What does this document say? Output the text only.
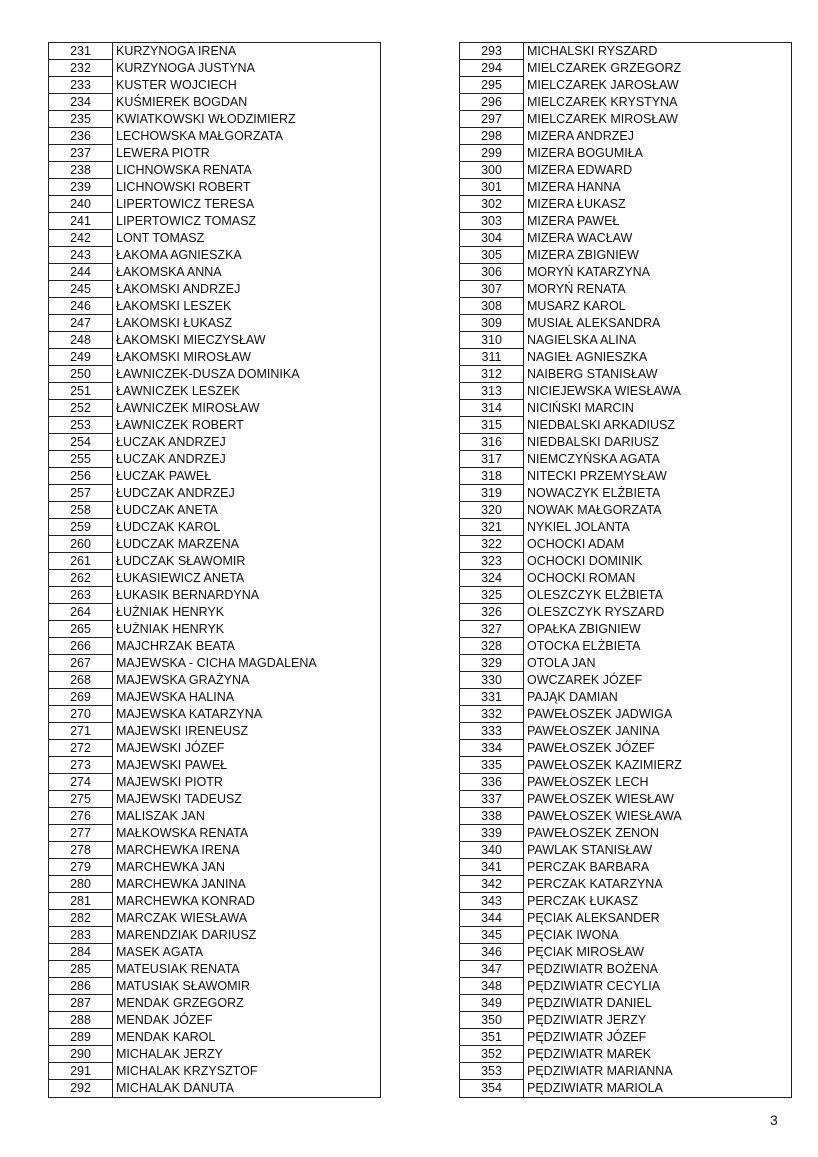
231	KURZYNOGA IRENA
232	KURZYNOGA JUSTYNA
233	KUSTER WOJCIECH
234	KUŚMIEREK BOGDAN
235	KWIATKOWSKI WŁODZIMIERZ
236	LECHOWSKA MAŁGORZATA
237	LEWERA PIOTR
238	LICHNOWSKA RENATA
239	LICHNOWSKI ROBERT
240	LIPERTOWICZ TERESA
241	LIPERTOWICZ TOMASZ
242	LONT TOMASZ
243	ŁAKOMA AGNIESZKA
244	ŁAKOMSKA ANNA
245	ŁAKOMSKI ANDRZEJ
246	ŁAKOMSKI LESZEK
247	ŁAKOMSKI ŁUKASZ
248	ŁAKOMSKI MIECZYSŁAW
249	ŁAKOMSKI MIROSŁAW
250	ŁAWNICZEK-DUSZA DOMINIKA
251	ŁAWNICZEK LESZEK
252	ŁAWNICZEK MIROSŁAW
253	ŁAWNICZEK ROBERT
254	ŁUCZAK ANDRZEJ
255	ŁUCZAK ANDRZEJ
256	ŁUCZAK PAWEŁ
257	ŁUDCZAK ANDRZEJ
258	ŁUDCZAK ANETA
259	ŁUDCZAK KAROL
260	ŁUDCZAK MARZENA
261	ŁUDCZAK SŁAWOMIR
262	ŁUKASIEWICZ ANETA
263	ŁUKASIK BERNARDYNA
264	ŁUŻNIAK HENRYK
265	ŁUŻNIAK HENRYK
266	MAJCHRZAK BEATA
267	MAJEWSKA - CICHA MAGDALENA
268	MAJEWSKA GRAŻYNA
269	MAJEWSKA HALINA
270	MAJEWSKA KATARZYNA
271	MAJEWSKI IRENEUSZ
272	MAJEWSKI JÓZEF
273	MAJEWSKI PAWEŁ
274	MAJEWSKI PIOTR
275	MAJEWSKI TADEUSZ
276	MALISZAK JAN
277	MAŁKOWSKA RENATA
278	MARCHEWKA IRENA
279	MARCHEWKA JAN
280	MARCHEWKA JANINA
281	MARCHEWKA KONRAD
282	MARCZAK WIESŁAWA
283	MARENDZIAK DARIUSZ
284	MASEK AGATA
285	MATEUSIAK RENATA
286	MATUSIAK SŁAWOMIR
287	MENDAK GRZEGORZ
288	MENDAK JÓZEF
289	MENDAK KAROL
290	MICHALAK JERZY
291	MICHALAK KRZYSZTOF
292	MICHALAK DANUTA
293	MICHALSKI RYSZARD
294	MIELCZAREK GRZEGORZ
295	MIELCZAREK JAROSŁAW
296	MIELCZAREK KRYSTYNA
297	MIELCZAREK MIROSŁAW
298	MIZERA ANDRZEJ
299	MIZERA BOGUMIŁA
300	MIZERA EDWARD
301	MIZERA HANNA
302	MIZERA ŁUKASZ
303	MIZERA PAWEŁ
304	MIZERA WACŁAW
305	MIZERA ZBIGNIEW
306	MORYŃ KATARZYNA
307	MORYŃ RENATA
308	MUSARZ KAROL
309	MUSIAŁ ALEKSANDRA
310	NAGIELSKA ALINA
311	NAGIEŁ AGNIESZKA
312	NAIBERG STANISŁAW
313	NICIEJEWSKA WIESŁAWA
314	NICIŃSKI MARCIN
315	NIEDBALSKI ARKADIUSZ
316	NIEDBALSKI DARIUSZ
317	NIEMCZYŃSKA AGATA
318	NITECKI PRZEMYSŁAW
319	NOWACZYK ELŻBIETA
320	NOWAK MAŁGORZATA
321	NYKIEL JOLANTA
322	OCHOCKI ADAM
323	OCHOCKI DOMINIK
324	OCHOCKI ROMAN
325	OLESZCZYK ELŻBIETA
326	OLESZCZYK RYSZARD
327	OPAŁKA ZBIGNIEW
328	OTOCKA ELŻBIETA
329	OTOLA JAN
330	OWCZAREK JÓZEF
331	PAJĄK DAMIAN
332	PAWEŁOSZEK JADWIGA
333	PAWEŁOSZEK JANINA
334	PAWEŁOSZEK JÓZEF
335	PAWEŁOSZEK KAZIMIERZ
336	PAWEŁOSZEK LECH
337	PAWEŁOSZEK WIESŁAW
338	PAWEŁOSZEK WIESŁAWA
339	PAWEŁOSZEK ZENON
340	PAWLAK STANISŁAW
341	PERCZAK BARBARA
342	PERCZAK KATARZYNA
343	PERCZAK ŁUKASZ
344	PĘCIAK ALEKSANDER
345	PĘCIAK IWONA
346	PĘCIAK MIROSŁAW
347	PĘDZIWIATR BOŻENA
348	PĘDZIWIATR CECYLIA
349	PĘDZIWIATR DANIEL
350	PĘDZIWIATR JERZY
351	PĘDZIWIATR JÓZEF
352	PĘDZIWIATR MAREK
353	PĘDZIWIATR MARIANNA
354	PĘDZIWIATR MARIOLA
3
